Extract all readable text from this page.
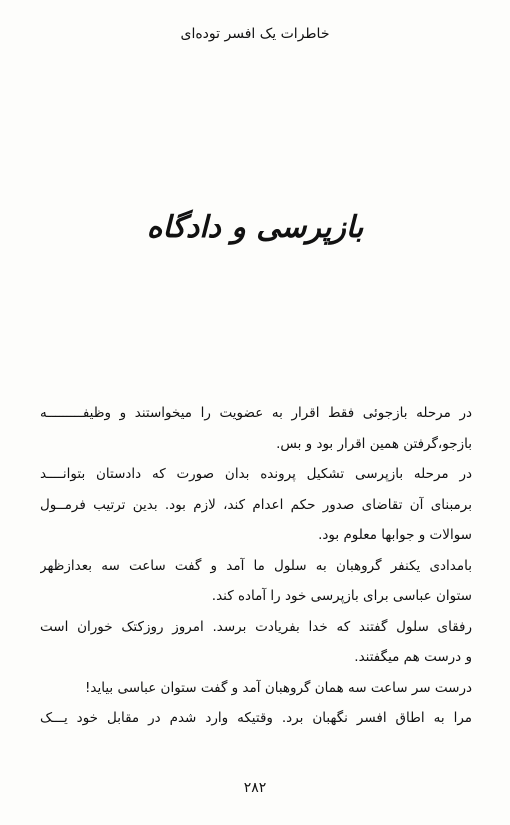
خاطرات یک افسر توده‌ای
بازپرسی و دادگاه
در مرحله بازجوئی فقط اقرار به عضویت را میخواستند و وظیفـــــــــه
بازجو،گرفتن همین اقرار بود و بس.
در مرحله بازپرسی تشکیل پرونده بدان صورت که دادستان بتوانــــد
برمبنای آن تقاضای صدور حکم اعدام کند، لازم بود. بدین ترتیب فرمــول
سوالات و جوابها معلوم بود.
بامدادی یکنفر گروهبان به سلول ما آمد و گفت ساعت سه بعدازظهر
ستوان عباسی برای بازپرسی خود را آماده کند.
رفقای سلول گفتند که خدا بفریادت برسد. امروز روزکتک خوران است
و درست هم میگفتند.
درست سر ساعت سه همان گروهبان آمد و گفت ستوان عباسی بیاید!
مرا به اطاق افسر نگهبان برد. وقتیکه وارد شدم در مقابل خود یـــک
۲۸۲
